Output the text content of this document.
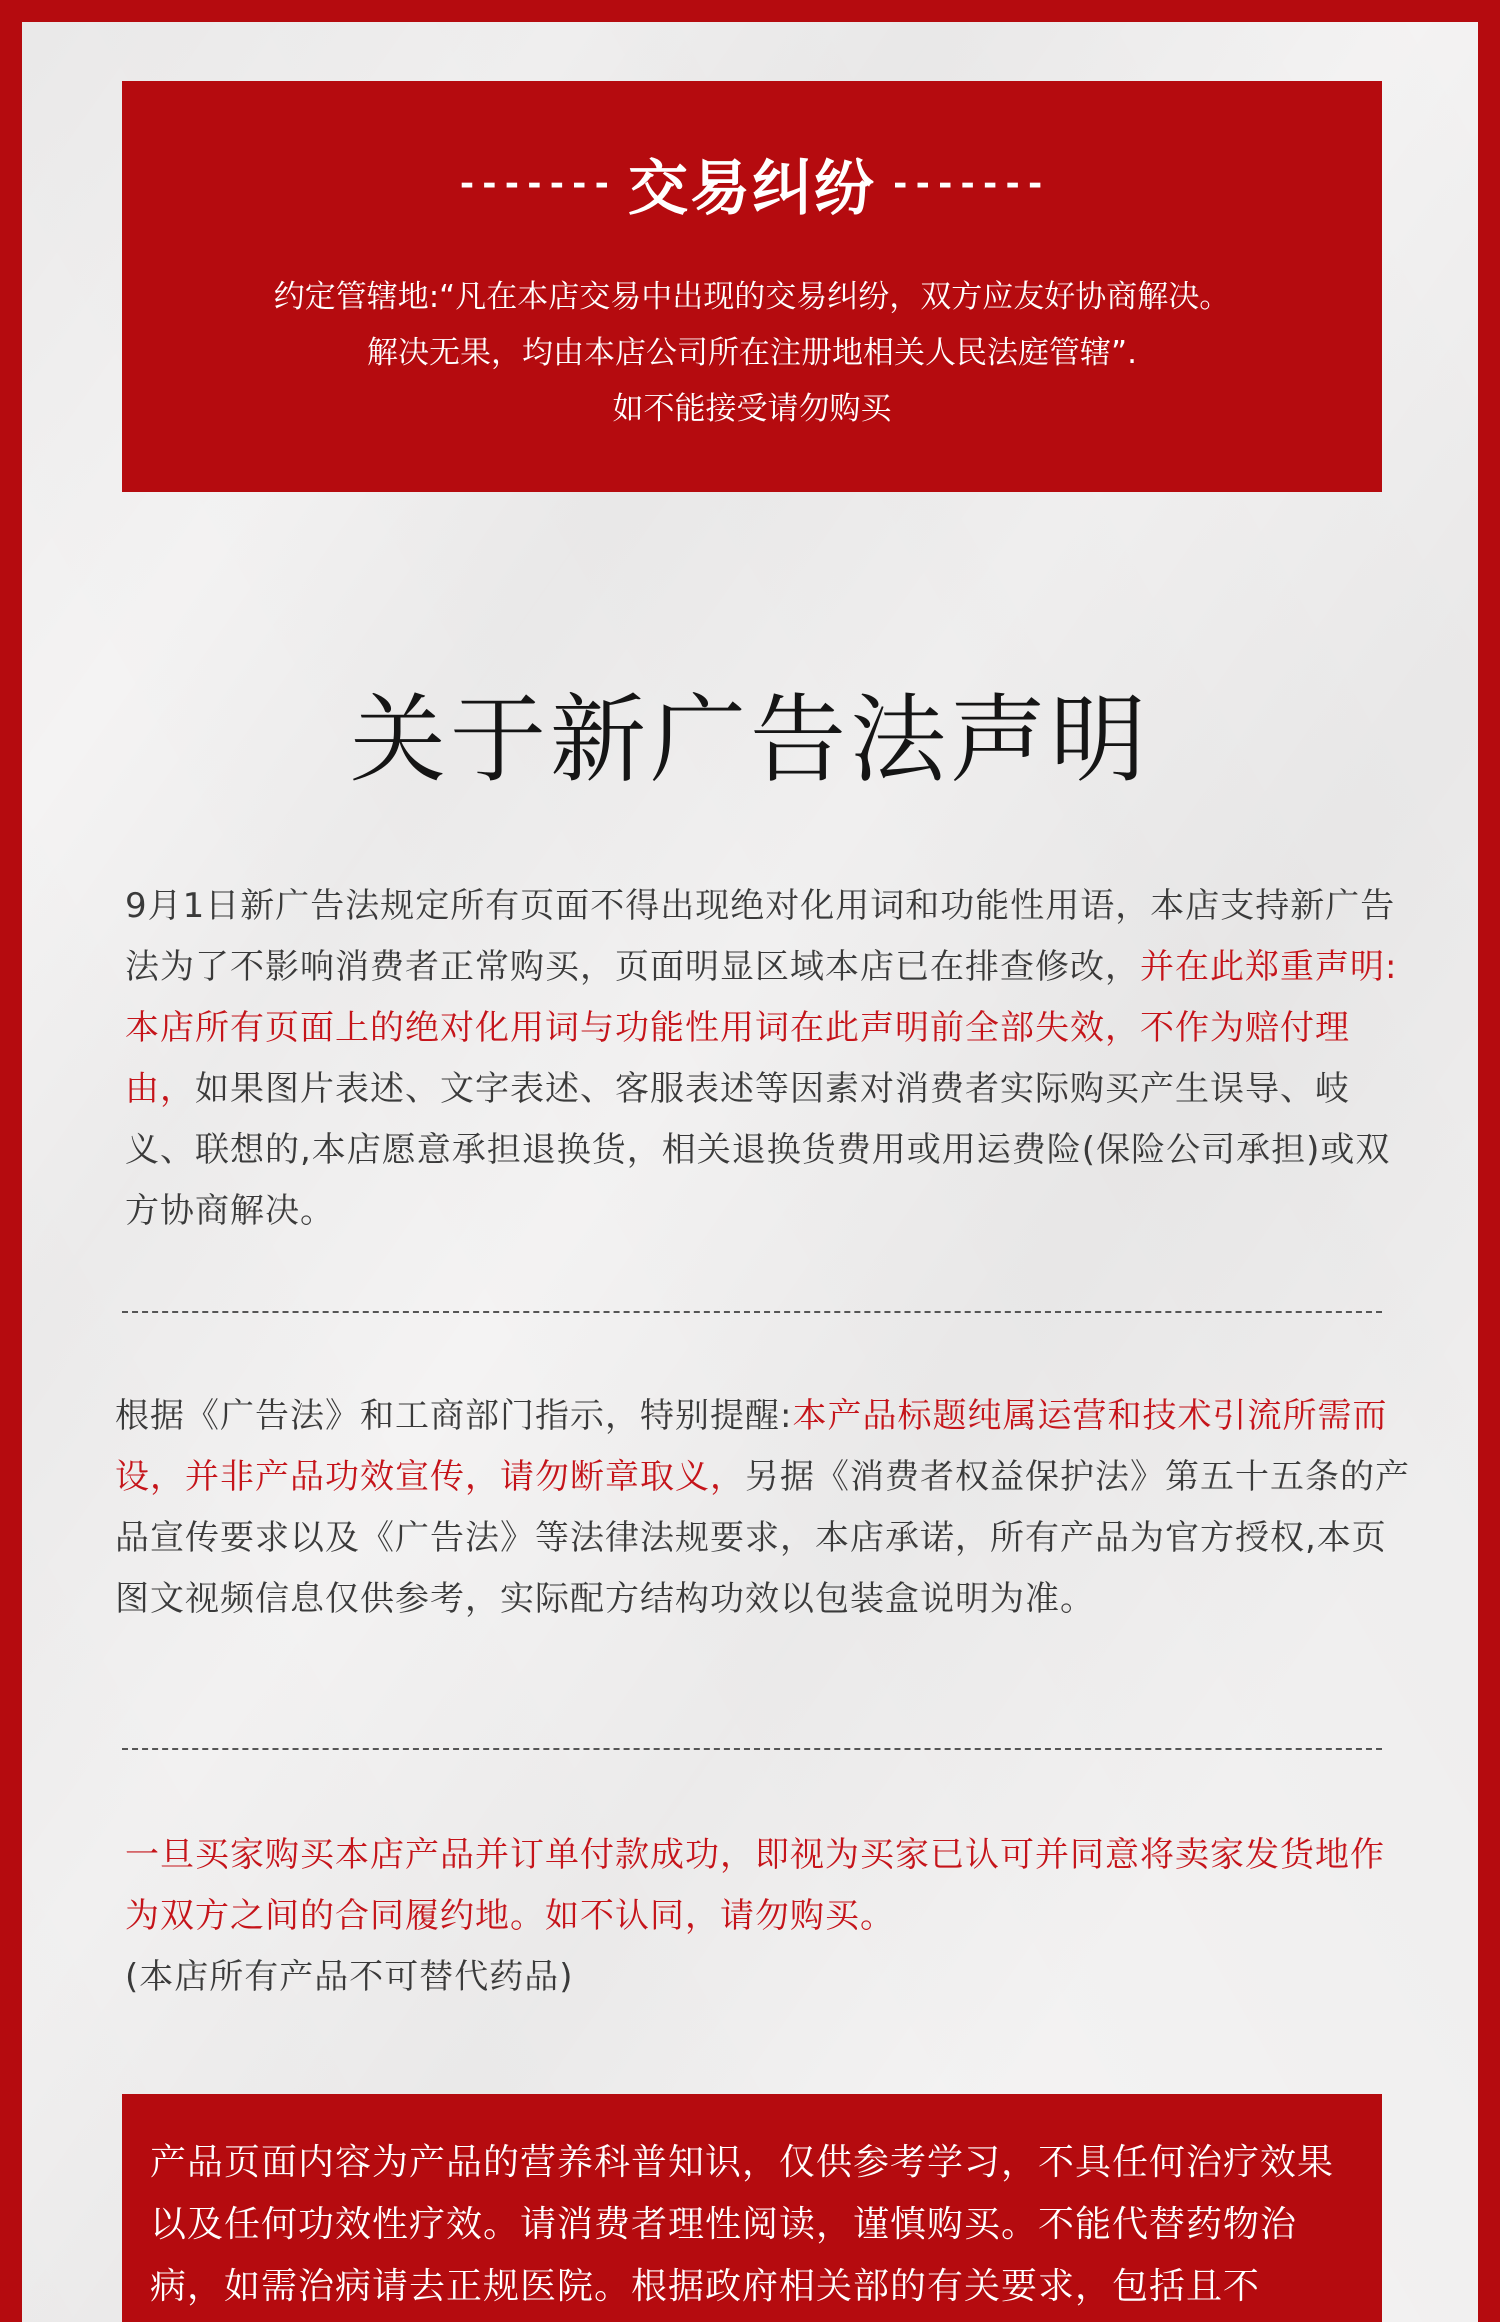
------- 交易纠纷 -------
约定管辖地:“凡在本店交易中出现的交易纠纷，双方应友好协商解决。
解决无果，均由本店公司所在注册地相关人民法庭管辖”.
如不能接受请勿购买
关于新广告法声明
9月1日新广告法规定所有页面不得出现绝对化用词和功能性用语，本店支持新广告法为了不影响消费者正常购买，页面明显区域本店已在排查修改，并在此郑重声明:本店所有页面上的绝对化用词与功能性用词在此声明前全部失效，不作为赔付理由，如果图片表述、文字表述、客服表述等因素对消费者实际购买产生误导、岐义、联想的,本店愿意承担退换货，相关退换货费用或用运费险(保险公司承担)或双方协商解决。
根据《广告法》和工商部门指示，特别提醒:本产品标题纯属运营和技术引流所需而设，并非产品功效宣传，请勿断章取义，另据《消费者权益保护法》第五十五条的产品宣传要求以及《广告法》等法律法规要求，本店承诺，所有产品为官方授权,本页图文视频信息仅供参考，实际配方结构功效以包装盒说明为准。
一旦买家购买本店产品并订单付款成功，即视为买家已认可并同意将卖家发货地作为双方之间的合同履约地。如不认同，请勿购买。
(本店所有产品不可替代药品)
产品页面内容为产品的营养科普知识，仅供参考学习，不具任何治疗效果以及任何功效性疗效。请消费者理性阅读，谨慎购买。不能代替药物治病，如需治病请去正规医院。根据政府相关部的有关要求，包括且不
